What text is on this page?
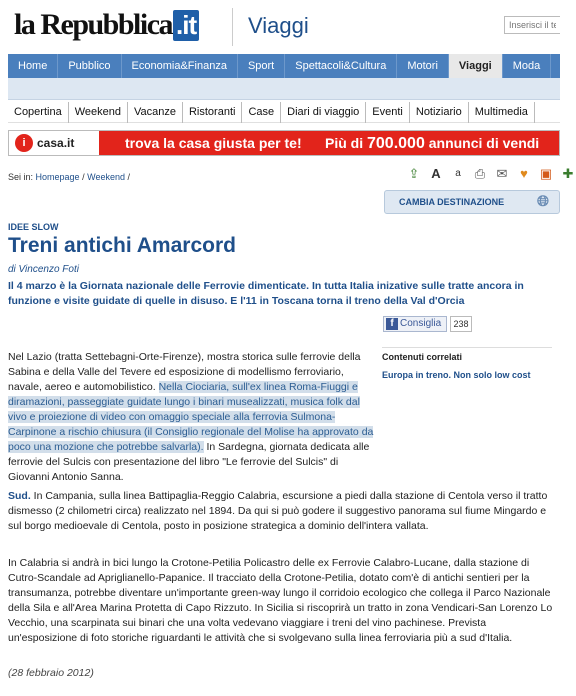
la Repubblica .it Viaggi
Inserisci il term
Home	Pubblico	Economia&Finanza	Sport	Spettacoli&Cultura	Motori	Viaggi	Moda
Copertina	Weekend	Vacanze	Ristoranti	Case	Diari di viaggio	Eventi	Notiziario	Multimedia
i casa.it	trova la casa giusta per te! Più di 700.000 annunci di vendi
Sei in: Homepage / Weekend /	⇪ A	a	⎙ ✉ ♥ ▣ ✚
CAMBIA DESTINAZIONE 🌐︎
IDEE SLOW
Treni antichi Amarcord
di Vincenzo Foti
Il 4 marzo è la Giornata nazionale delle Ferrovie dimenticate. In tutta Italia inizative sulle tratte ancora in funzione e visite guidate di quelle in disuso. E l'11 in Toscana torna il treno della Val d'Orcia
f Consiglia	238
Contenuti correlati
Europa in treno. Non solo low cost
Nel Lazio (tratta Settebagni-Orte-Firenze), mostra storica sulle ferrovie della Sabina e della Valle del Tevere ed esposizione di modellismo ferroviario, navale, aereo e automobilistico. Nella Ciociaria, sull'ex linea Roma-Fiuggi e diramazioni, passeggiate guidate lungo i binari musealizzati, musica folk dal vivo e proiezione di video con omaggio speciale alla ferrovia Sulmona-Carpinone a rischio chiusura (il Consiglio regionale del Molise ha approvato da poco una mozione che potrebbe salvarla). In Sardegna, giornata dedicata alle ferrovie del Sulcis con presentazione del libro "Le ferrovie del Sulcis" di Giovanni Antonio Sanna.
Sud. In Campania, sulla linea Battipaglia-Reggio Calabria, escursione a piedi dalla stazione di Centola verso il tratto dismesso (2 chilometri circa) realizzato nel 1894. Da qui si può godere il suggestivo panorama sul fiume Mingardo e sul borgo medioevale di Centola, posto in posizione strategica a dominio dell'intera vallata.
In Calabria si andrà in bici lungo la Crotone-Petilia Policastro delle ex Ferrovie Calabro-Lucane, dalla stazione di Cutro-Scandale ad Apriglianello-Papanice. Il tracciato della Crotone-Petilia, dotato com'è di antichi sentieri per la transumanza, potrebbe diventare un'importante green-way lungo il corridoio ecologico che collega il Parco Nazionale della Sila e all'Area Marina Protetta di Capo Rizzuto. In Sicilia si riscoprirà un tratto in zona Vendicari-San Lorenzo Lo Vecchio, una scarpinata sui binari che una volta vedevano viaggiare i treni del vino pachinese. Prevista un'esposizione di foto storiche riguardanti le attività che si svolgevano sulla linea ferroviaria più a sud d'Italia.
(28 febbraio 2012)
